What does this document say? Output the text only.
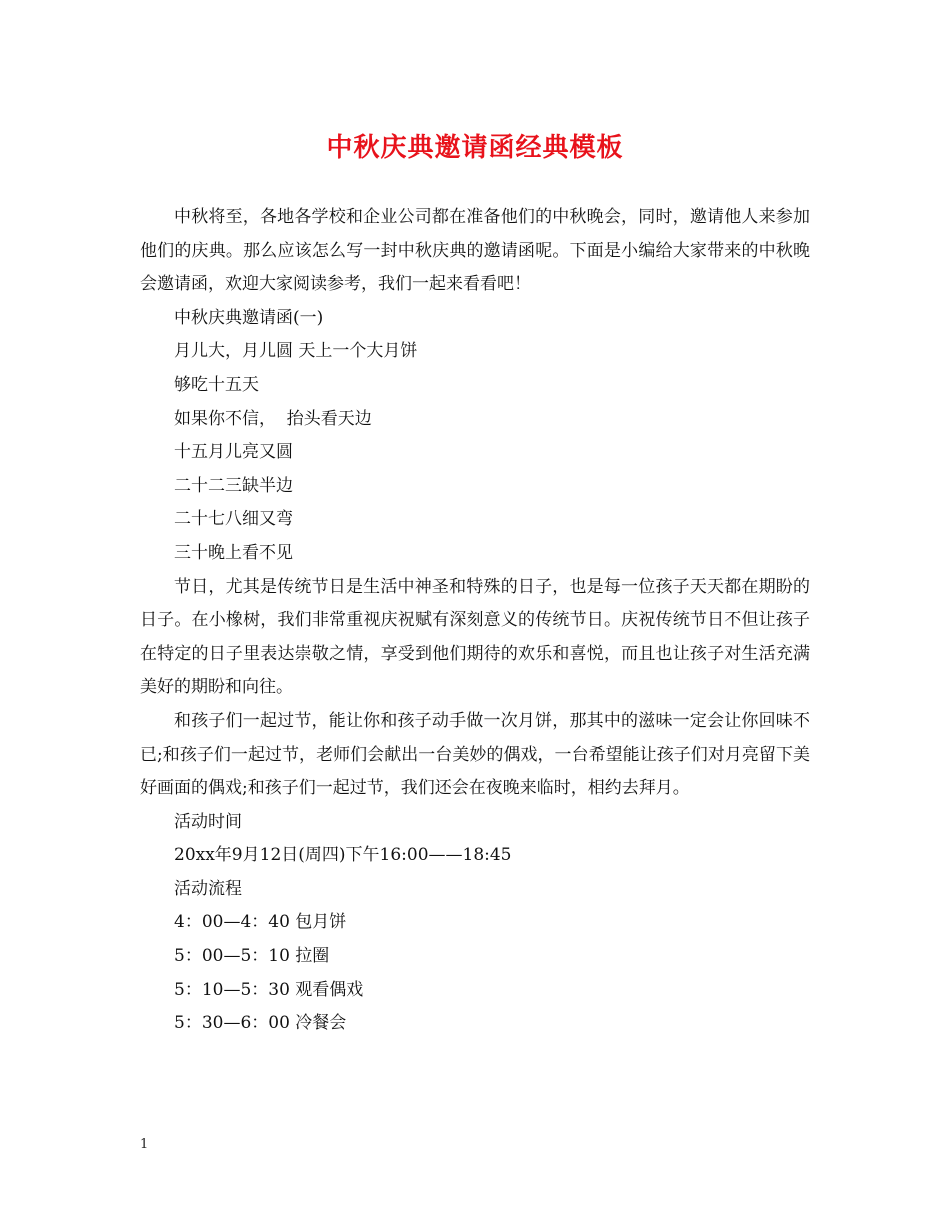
中秋庆典邀请函经典模板

中秋将至，各地各学校和企业公司都在准备他们的中秋晚会，同时，邀请他人来参加他们的庆典。那么应该怎么写一封中秋庆典的邀请函呢。下面是小编给大家带来的中秋晚会邀请函，欢迎大家阅读参考，我们一起来看看吧！

中秋庆典邀请函(一)

月儿大，月儿圆 天上一个大月饼

够吃十五天

如果你不信，  抬头看天边

十五月儿亮又圆

二十二三缺半边

二十七八细又弯

三十晚上看不见

节日，尤其是传统节日是生活中神圣和特殊的日子，也是每一位孩子天天都在期盼的日子。在小橡树，我们非常重视庆祝赋有深刻意义的传统节日。庆祝传统节日不但让孩子在特定的日子里表达崇敬之情，享受到他们期待的欢乐和喜悦，而且也让孩子对生活充满美好的期盼和向往。

和孩子们一起过节，能让你和孩子动手做一次月饼，那其中的滋味一定会让你回味不已;和孩子们一起过节，老师们会献出一台美妙的偶戏，一台希望能让孩子们对月亮留下美好画面的偶戏;和孩子们一起过节，我们还会在夜晚来临时，相约去拜月。

活动时间

20xx年9月12日(周四)下午16:00——18:45

活动流程

4：00—4：40 包月饼

5：00—5：10 拉圈

5：10—5：30 观看偶戏

5：30—6：00 冷餐会

1
